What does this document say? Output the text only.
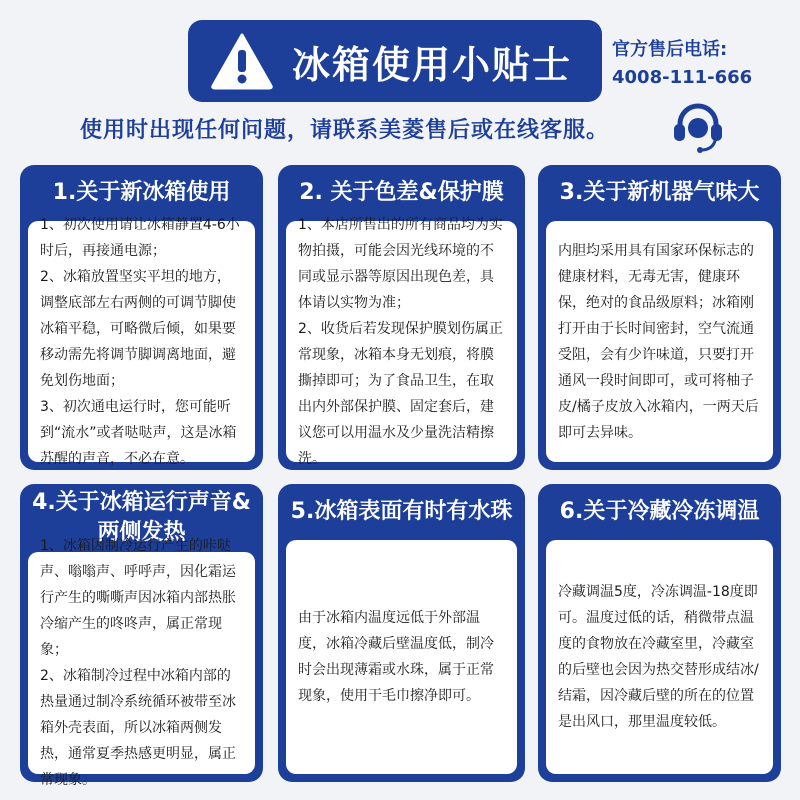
冰箱使用小贴士 官方售后电话:
4008-111-666
使用时出现任何问题，请联系美菱售后或在线客服。
1.关于新冰箱使用

1、初次使用请让冰箱静置4-6小时后，再接通电源；

2、冰箱放置坚实平坦的地方，调整底部左右两侧的可调节脚使冰箱平稳，可略微后倾，如果要移动需先将调节脚调离地面，避免划伤地面；

3、初次通电运行时，您可能听到“流水”或者哒哒声，这是冰箱苏醒的声音，不必在意。

2. 关于色差&保护膜

1、本店所售出的所有商品均为实物拍摄，可能会因光线环境的不同或显示器等原因出现色差，具体请以实物为准；

2、收货后若发现保护膜划伤属正常现象，冰箱本身无划痕，将膜撕掉即可；为了食品卫生，在取出内外部保护膜、固定套后，建议您可以用温水及少量洗洁精擦洗。

3.关于新机器气味大

内胆均采用具有国家环保标志的健康材料，无毒无害，健康环保，绝对的食品级原料；冰箱刚打开由于长时间密封，空气流通受阻，会有少许味道，只要打开通风一段时间即可，或可将柚子皮/橘子皮放入冰箱内，一两天后即可去异味。

4.关于冰箱运行声音&两侧发热

1、冰箱因制冷运行产生的咔哒声、嗡嗡声、呼呼声，因化霜运行产生的嘶嘶声因冰箱内部热胀冷缩产生的咚咚声，属正常现象；

2、冰箱制冷过程中冰箱内部的热量通过制冷系统循环被带至冰箱外壳表面，所以冰箱两侧发热，通常夏季热感更明显，属正常现象。

5.冰箱表面有时有水珠

由于冰箱内温度远低于外部温度，冰箱冷藏后壁温度低，制冷时会出现薄霜或水珠，属于正常现象，使用干毛巾擦净即可。

6.关于冷藏冷冻调温

冷藏调温5度，冷冻调温-18度即可。温度过低的话，稍微带点温度的食物放在冷藏室里，冷藏室的后壁也会因为热交替形成结冰/结霜，因冷藏后壁的所在的位置是出风口，那里温度较低。
